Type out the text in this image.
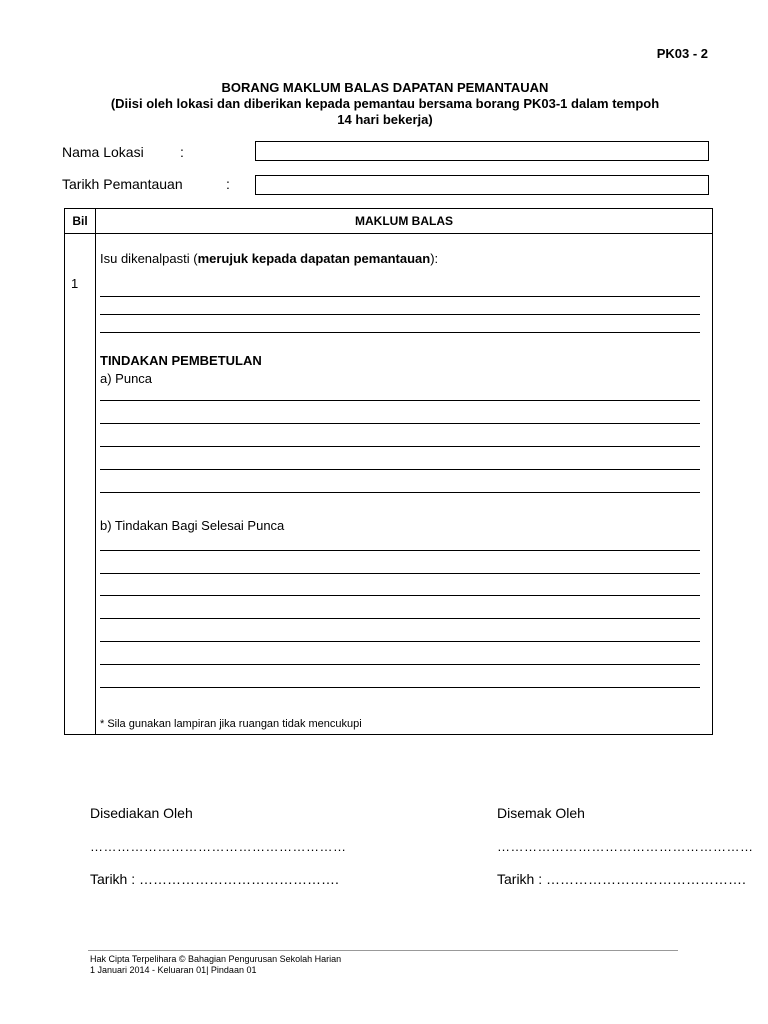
PK03 - 2
BORANG MAKLUM BALAS DAPATAN PEMANTAUAN
(Diisi oleh lokasi dan diberikan kepada pemantau bersama borang PK03-1 dalam tempoh
14 hari bekerja)
Nama Lokasi	:
Tarikh Pemantauan	:
Bil	MAKLUM BALAS

1
Isu dikenalpasti (merujuk kepada dapatan pemantauan):
TINDAKAN PEMBETULAN
a) Punca
b) Tindakan Bagi Selesai Punca
* Sila gunakan lampiran jika ruangan tidak mencukupi
Disediakan Oleh	Disemak Oleh
…………………………………………………	…………………………………………………
Tarikh : …………………………………….	Tarikh : …………………………………….
Hak Cipta Terpelihara © Bahagian Pengurusan Sekolah Harian
1 Januari 2014 - Keluaran 01| Pindaan 01
